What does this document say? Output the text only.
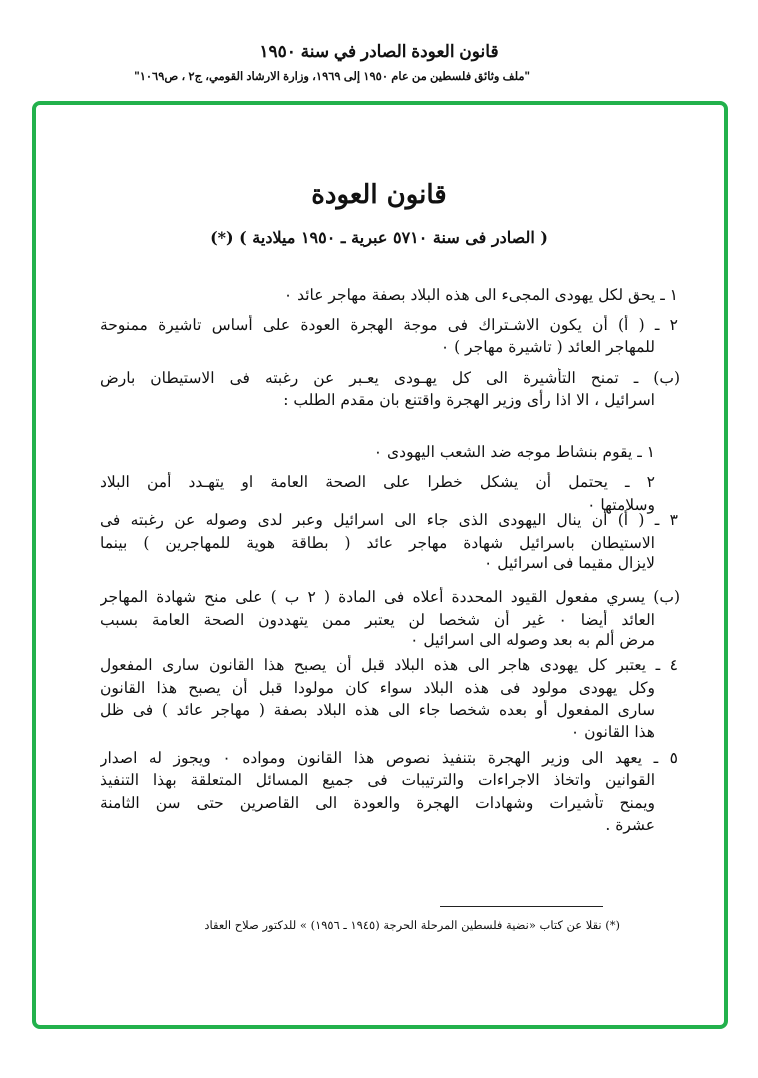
قانون العودة الصادر في سنة ١٩٥٠
"ملف وثائق فلسطين من عام ١٩٥٠ إلى ١٩٦٩، وزارة الارشاد القومي، ج٢ ، ص١٠٦٩"
قانون العودة
( الصادر فى سنة ٥٧١٠ عبرية ـ ١٩٥٠ ميلادية ) (*)
١ ـ يحق لكل يهودى المجىء الى هذه البلاد بصفة مهاجر عائد ٠
٢ ـ ( أ) أن يكون الاشـتراك فى موجة الهجرة العودة على أساس تاشيرة ممنوحة
للمهاجر العائد ( تاشيرة مهاجر ) ٠
(ب) ـ تمنح التأشيرة الى كل يهـودى يعـبر عن رغبته فى الاستيطان بارض
اسرائيل ، الا اذا رأى وزير الهجرة واقتنع بان مقدم الطلب :
١ ـ يقوم بنشاط موجه ضد الشعب اليهودى ٠
٢ ـ يحتمل أن يشكل خطرا على الصحة العامة او يتهـدد أمن البلاد
وسلامتها ٠
٣ ـ ( أ) أن ينال اليهودى الذى جاء الى اسرائيل وعبر لدى وصوله عن رغبته فى
الاستيطان باسرائيل شهادة مهاجر عائد ( بطاقة هوية للمهاجرين ) بينما
لايزال مقيما فى اسرائيل ٠
(ب) يسري مفعول القيود المحددة أعلاه فى المادة ( ٢ ب ) على منح شهادة المهاجر
العائد أيضا ٠ غير أن شخصا لن يعتبر ممن يتهددون الصحة العامة بسبب
مرض ألم به بعد وصوله الى اسرائيل ٠
٤ ـ يعتبر كل يهودى هاجر الى هذه البلاد قبل أن يصبح هذا القانون سارى المفعول
وكل يهودى مولود فى هذه البلاد سواء كان مولودا قبل أن يصبح هذا القانون
سارى المفعول أو بعده شخصا جاء الى هذه البلاد بصفة ( مهاجر عائد ) فى ظل
هذا القانون ٠
٥ ـ يعهد الى وزير الهجرة بتنفيذ نصوص هذا القانون ومواده ٠ ويجوز له اصدار
القوانين واتخاذ الاجراءات والترتيبات فى جميع المسائل المتعلقة بهذا التنفيذ
ويمنح تأشيرات وشهادات الهجرة والعودة الى القاصرين حتى سن الثامنة
عشرة .
(*) نقلا عن كتاب «نضية فلسطين المرحلة الحرجة (١٩٤٥ ـ ١٩٥٦) » للدكتور صلاح العقاد
